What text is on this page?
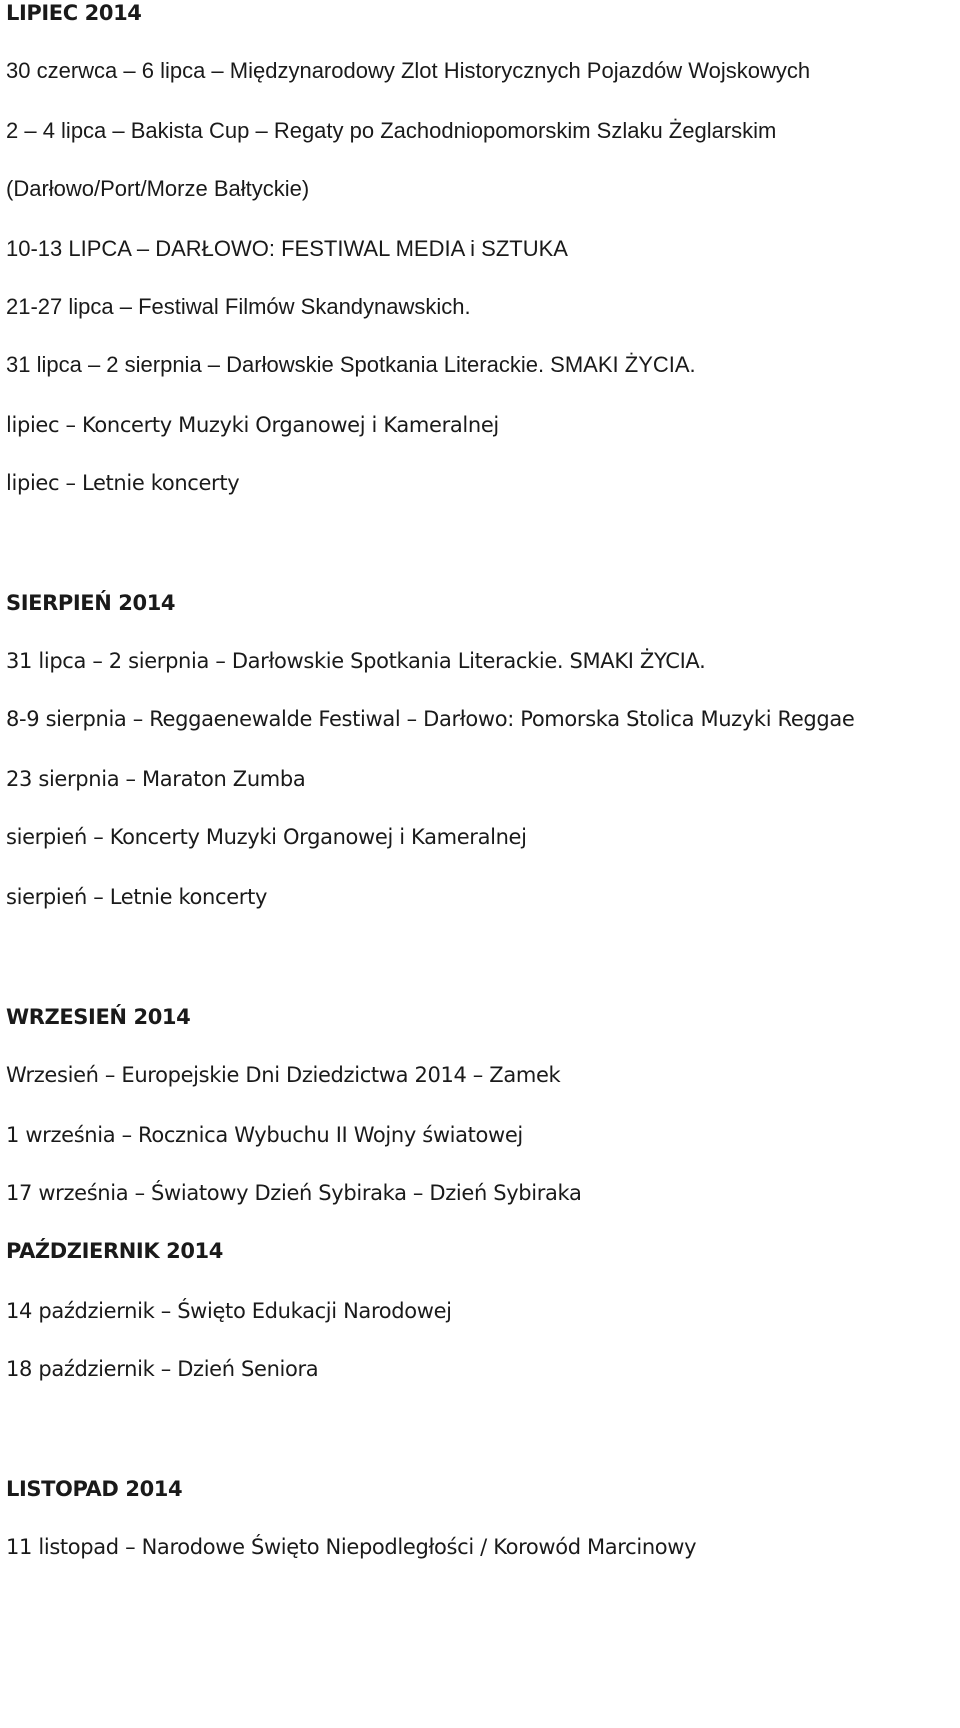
LIPIEC 2014
30 czerwca – 6 lipca – Międzynarodowy Zlot Historycznych Pojazdów Wojskowych
2 – 4 lipca – Bakista Cup – Regaty po Zachodniopomorskim Szlaku Żeglarskim
(Darłowo/Port/Morze Bałtyckie)
10-13 LIPCA – DARŁOWO: FESTIWAL MEDIA i SZTUKA
21-27 lipca – Festiwal Filmów Skandynawskich.
31 lipca – 2 sierpnia – Darłowskie Spotkania Literackie. SMAKI ŻYCIA.
lipiec – Koncerty Muzyki Organowej i Kameralnej
lipiec – Letnie koncerty
SIERPIEŃ 2014
31 lipca – 2 sierpnia – Darłowskie Spotkania Literackie. SMAKI ŻYCIA.
8-9 sierpnia – Reggaenewalde Festiwal – Darłowo: Pomorska Stolica Muzyki Reggae
23 sierpnia – Maraton Zumba
sierpień – Koncerty Muzyki Organowej i Kameralnej
sierpień – Letnie koncerty
WRZESIEŃ 2014
Wrzesień – Europejskie Dni Dziedzictwa 2014 – Zamek
1 września – Rocznica Wybuchu II Wojny światowej
17 września – Światowy Dzień Sybiraka – Dzień Sybiraka
PAŹDZIERNIK 2014
14 październik – Święto Edukacji Narodowej
18 październik – Dzień Seniora
LISTOPAD 2014
11 listopad – Narodowe Święto Niepodległości / Korowód Marcinowy
